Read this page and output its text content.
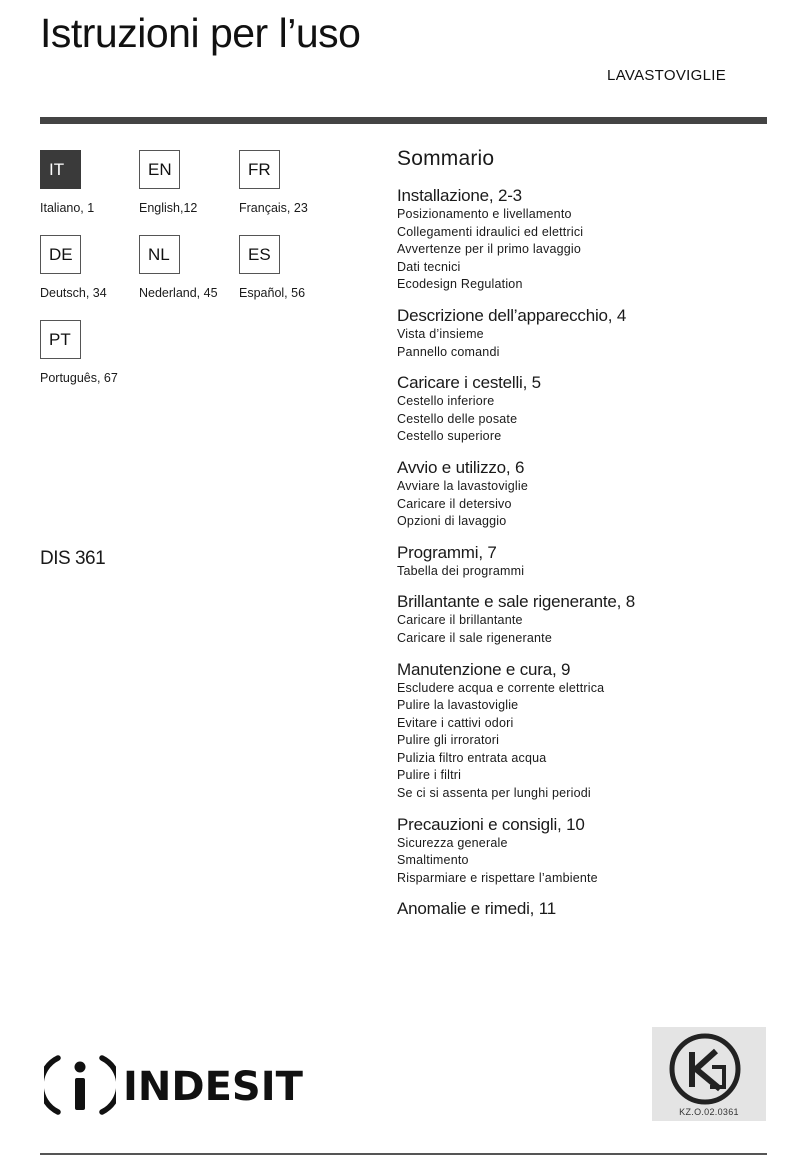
Istruzioni per l’uso
LAVASTOVIGLIE
IT
Italiano, 1
EN
English,12
FR
Français, 23
DE
Deutsch, 34
NL
Nederland, 45
ES
Español, 56
PT
Português, 67
DIS 361
Sommario
Installazione, 2-3
Posizionamento e livellamento
Collegamenti idraulici ed elettrici
Avvertenze per il primo lavaggio
Dati tecnici
Ecodesign Regulation
Descrizione dell’apparecchio, 4
Vista d’insieme
Pannello comandi
Caricare i cestelli, 5
Cestello inferiore
Cestello delle posate
Cestello superiore
Avvio e utilizzo, 6
Avviare la lavastoviglie
Caricare il detersivo
Opzioni di lavaggio
Programmi, 7
Tabella dei programmi
Brillantante e sale rigenerante, 8
Caricare il brillantante
Caricare il sale rigenerante
Manutenzione e cura, 9
Escludere acqua e corrente elettrica
Pulire la lavastoviglie
Evitare i cattivi odori
Pulire gli irroratori
Pulizia filtro entrata acqua
Pulire i filtri
Se ci si assenta per lunghi periodi
Precauzioni e consigli, 10
Sicurezza generale
Smaltimento
Risparmiare e rispettare l’ambiente
Anomalie e rimedi, 11
INDESIT
KZ.O.02.0361
